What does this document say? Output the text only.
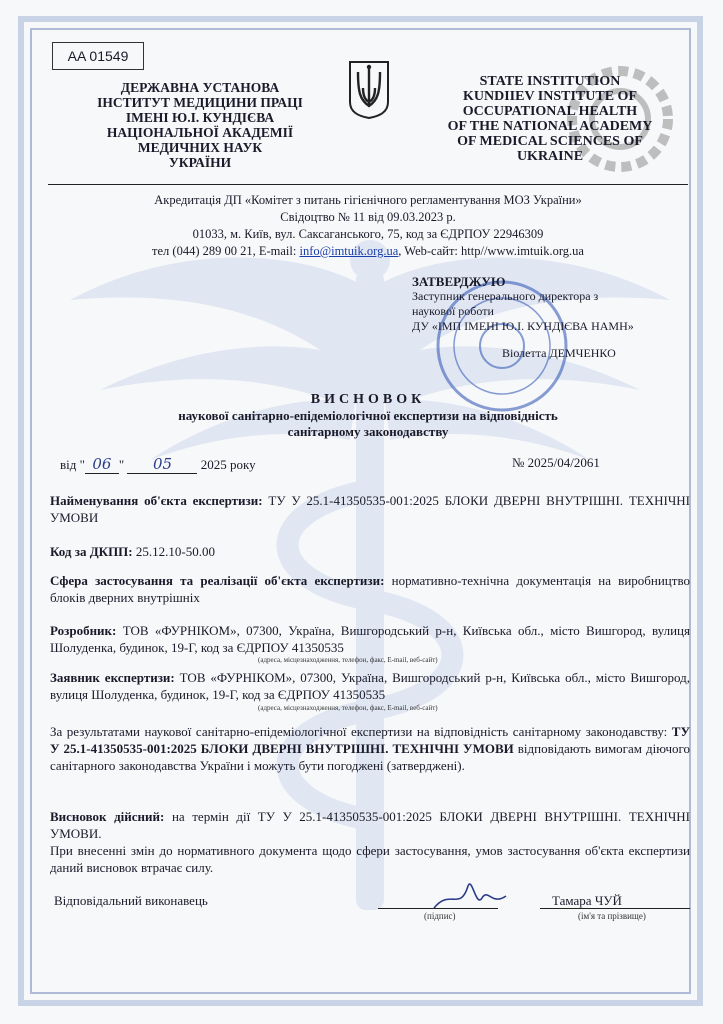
AA 01549
ДЕРЖАВНА УСТАНОВА
ІНСТИТУТ МЕДИЦИНИ ПРАЦІ
ІМЕНІ Ю.І. КУНДІЄВА
НАЦІОНАЛЬНОЇ АКАДЕМІЇ
МЕДИЧНИХ НАУК
УКРАЇНИ
STATE INSTITUTION
KUNDIIEV INSTITUTE OF
OCCUPATIONAL HEALTH
OF THE NATIONAL ACADEMY
OF MEDICAL SCIENCES OF
UKRAINE
Акредитація ДП «Комітет з питань гігієнічного регламентування МОЗ України»
Свідоцтво № 11 від 09.03.2023 р.
01033, м. Київ, вул. Саксаганського, 75, код за ЄДРПОУ 22946309
тел (044) 289 00 21, E-mail: info@imtuik.org.ua, Web-сайт: http//www.imtuik.org.ua
ЗАТВЕРДЖУЮ
Заступник генерального директора з
наукової роботи
ДУ «ІМП ІМЕНІ Ю.І. КУНДІЄВА НАМН»
Віолетта ДЕМЧЕНКО
ВИСНОВОК
наукової санітарно-епідеміологічної експертизи на відповідність
санітарному законодавству
від " 06 " 05 2025 року	№ 2025/04/2061
Найменування об'єкта експертизи: ТУ У 25.1-41350535-001:2025 БЛОКИ ДВЕРНІ ВНУТРІШНІ. ТЕХНІЧНІ УМОВИ
Код за ДКПП: 25.12.10-50.00
Сфера застосування та реалізації об'єкта експертизи: нормативно-технічна документація на виробництво блоків дверних внутрішніх
Розробник: ТОВ «ФУРНІКОМ», 07300, Україна, Вишгородський р-н, Київська обл., місто Вишгород, вулиця Шолуденка, будинок, 19-Г, код за ЄДРПОУ 41350535
(адреса, місцезнаходження, телефон, факс, E-mail, веб-сайт)
Заявник експертизи: ТОВ «ФУРНІКОМ», 07300, Україна, Вишгородський р-н, Київська обл., місто Вишгород, вулиця Шолуденка, будинок, 19-Г, код за ЄДРПОУ 41350535
(адреса, місцезнаходження, телефон, факс, E-mail, веб-сайт)
За результатами наукової санітарно-епідеміологічної експертизи на відповідність санітарному законодавству: ТУ У 25.1-41350535-001:2025 БЛОКИ ДВЕРНІ ВНУТРІШНІ. ТЕХНІЧНІ УМОВИ відповідають вимогам діючого санітарного законодавства України і можуть бути погоджені (затверджені).
Висновок дійсний: на термін дії ТУ У 25.1-41350535-001:2025 БЛОКИ ДВЕРНІ ВНУТРІШНІ. ТЕХНІЧНІ УМОВИ.
При внесенні змін до нормативного документа щодо сфери застосування, умов застосування об'єкта експертизи даний висновок втрачає силу.
Відповідальний виконавець
(підпис)
Тамара ЧУЙ
(ім'я та прізвище)
